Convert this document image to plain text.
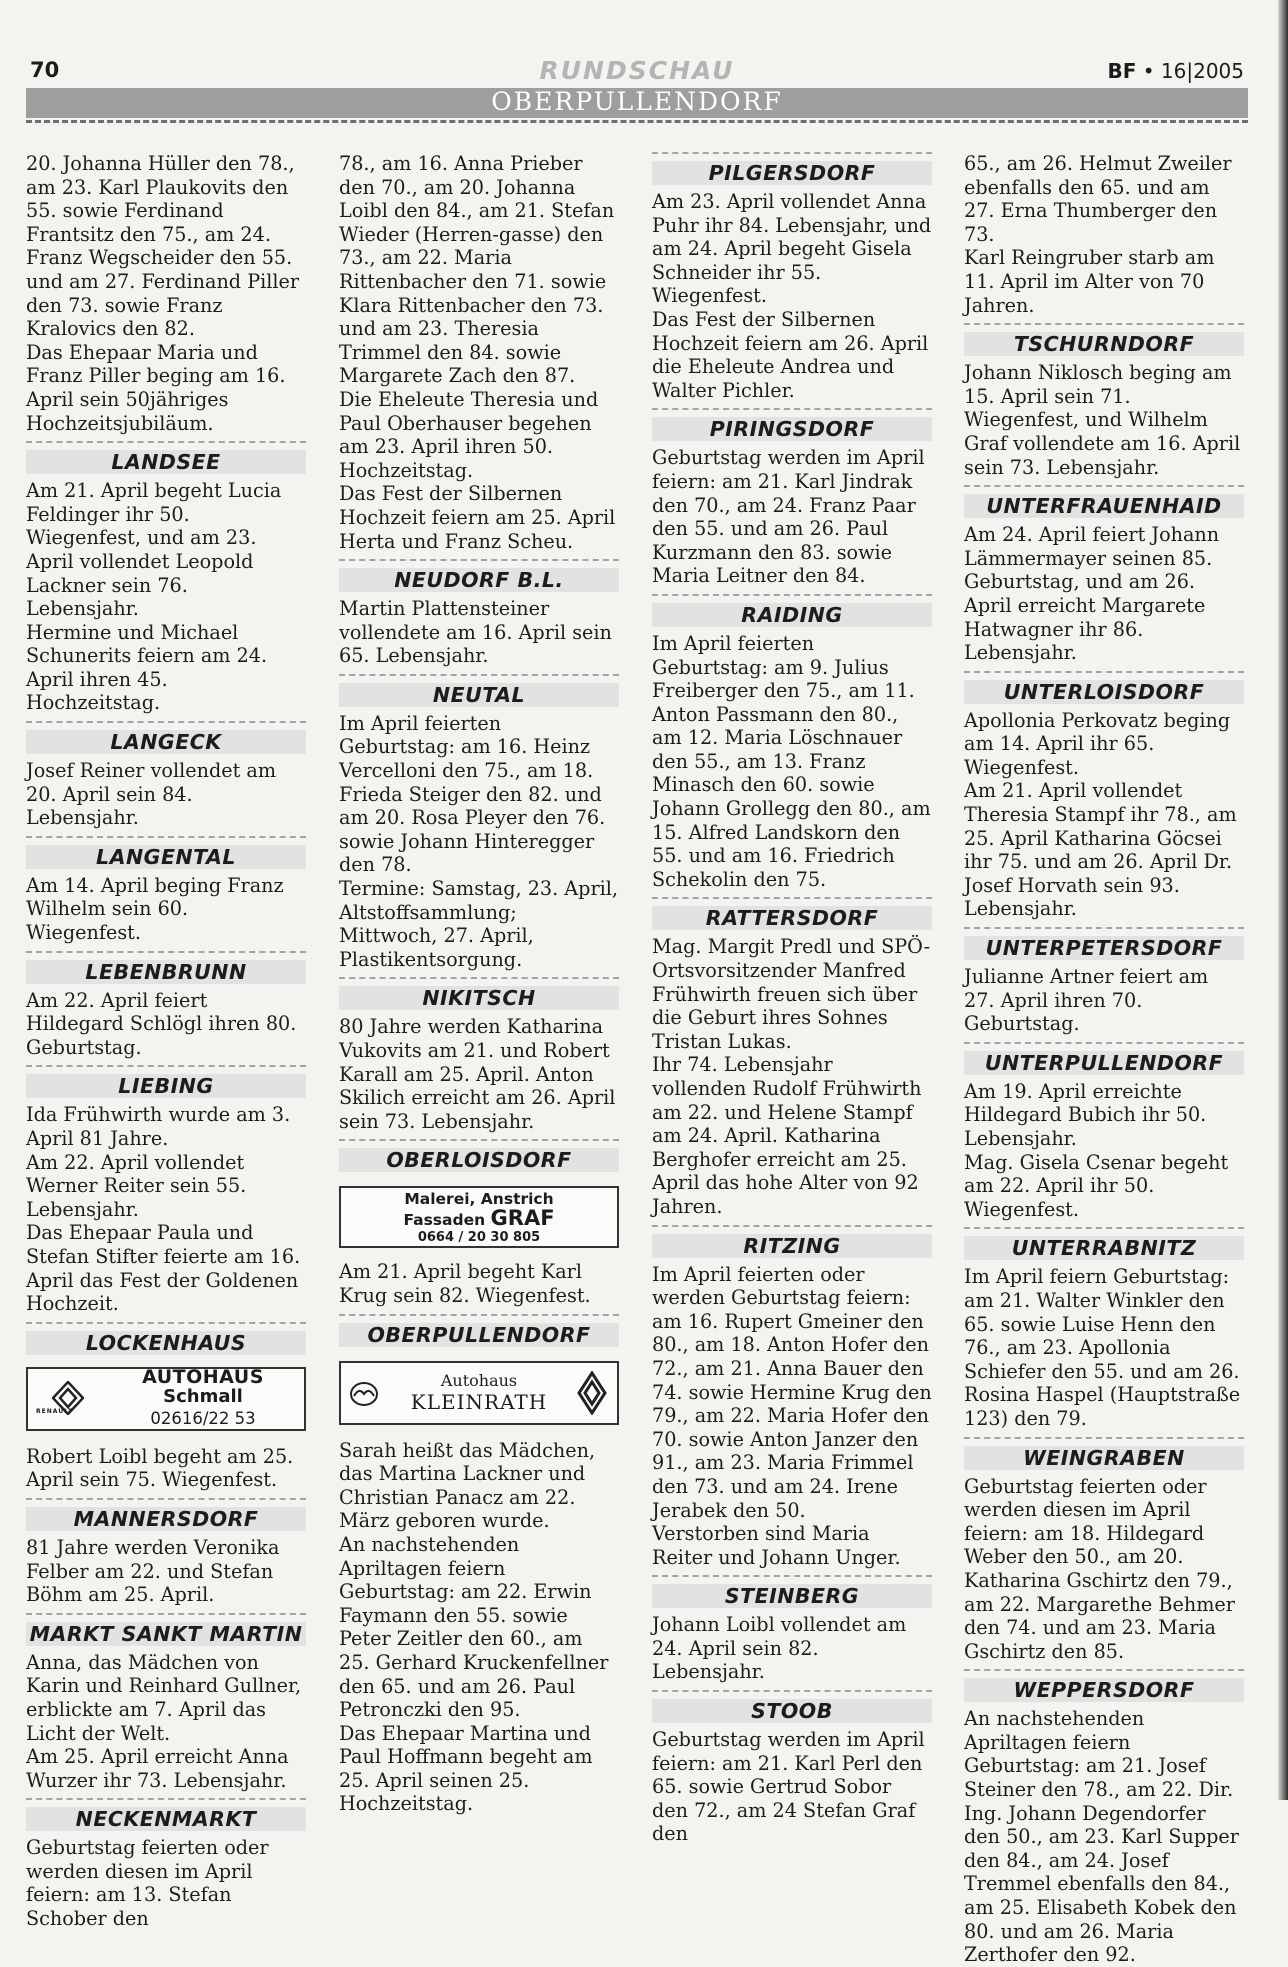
70	RUNDSCHAU	BF • 16|2005
OBERPULLENDORF

20. Johanna Hüller den 78., am 23. Karl Plaukovits den 55. sowie Ferdinand Frantsitz den 75., am 24. Franz Wegscheider den 55. und am 27. Ferdinand Piller den 73. sowie Franz Kralovics den 82.

Das Ehepaar Maria und Franz Piller beging am 16. April sein 50jähriges Hochzeitsjubiläum.

LANDSEE

Am 21. April begeht Lucia Feldinger ihr 50. Wiegenfest, und am 23. April vollendet Leopold Lackner sein 76. Lebensjahr.

Hermine und Michael Schunerits feiern am 24. April ihren 45. Hochzeitstag.

LANGECK

Josef Reiner vollendet am 20. April sein 84. Lebensjahr.

LANGENTAL

Am 14. April beging Franz Wilhelm sein 60. Wiegenfest.

LEBENBRUNN

Am 22. April feiert Hildegard Schlögl ihren 80. Geburtstag.

LIEBING

Ida Frühwirth wurde am 3. April 81 Jahre.

Am 22. April vollendet Werner Reiter sein 55. Lebensjahr.

Das Ehepaar Paula und Stefan Stifter feierte am 16. April das Fest der Goldenen Hochzeit.

LOCKENHAUS
RENAULT
AUTOHAUS
Schmall
02616/22 53

Robert Loibl begeht am 25. April sein 75. Wiegenfest.

MANNERSDORF

81 Jahre werden Veronika Felber am 22. und Stefan Böhm am 25. April.

MARKT SANKT MARTIN

Anna, das Mädchen von Karin und Reinhard Gullner, erblickte am 7. April das Licht der Welt.

Am 25. April erreicht Anna Wurzer ihr 73. Lebensjahr.

NECKENMARKT

Geburtstag feierten oder werden diesen im April feiern: am 13. Stefan Schober den

78., am 16. Anna Prieber den 70., am 20. Johanna Loibl den 84., am 21. Stefan Wieder (Herren-gasse) den 73., am 22. Maria Rittenbacher den 71. sowie Klara Rittenbacher den 73. und am 23. Theresia Trimmel den 84. sowie Margarete Zach den 87.

Die Eheleute Theresia und Paul Oberhauser begehen am 23. April ihren 50. Hochzeitstag.

Das Fest der Silbernen Hochzeit feiern am 25. April Herta und Franz Scheu.

NEUDORF B.L.

Martin Plattensteiner vollendete am 16. April sein 65. Lebensjahr.

NEUTAL

Im April feierten Geburtstag: am 16. Heinz Vercelloni den 75., am 18. Frieda Steiger den 82. und am 20. Rosa Pleyer den 76. sowie Johann Hinteregger den 78.

Termine: Samstag, 23. April, Altstoffsammlung; Mittwoch, 27. April, Plastikentsorgung.

NIKITSCH

80 Jahre werden Katharina Vukovits am 21. und Robert Karall am 25. April. Anton Skilich erreicht am 26. April sein 73. Lebensjahr.

OBERLOISDORF
Malerei, Anstrich
Fassaden GRAF
0664 / 20 30 805

Am 21. April begeht Karl Krug sein 82. Wiegenfest.

OBERPULLENDORF
Autohaus
KLEINRATH

Sarah heißt das Mädchen, das Martina Lackner und Christian Panacz am 22. März geboren wurde.

An nachstehenden Apriltagen feiern Geburtstag: am 22. Erwin Faymann den 55. sowie Peter Zeitler den 60., am 25. Gerhard Kruckenfellner den 65. und am 26. Paul Petronczki den 95.

Das Ehepaar Martina und Paul Hoffmann begeht am 25. April seinen 25. Hochzeitstag.

PILGERSDORF

Am 23. April vollendet Anna Puhr ihr 84. Lebensjahr, und am 24. April begeht Gisela Schneider ihr 55. Wiegenfest.

Das Fest der Silbernen Hochzeit feiern am 26. April die Eheleute Andrea und Walter Pichler.

PIRINGSDORF

Geburtstag werden im April feiern: am 21. Karl Jindrak den 70., am 24. Franz Paar den 55. und am 26. Paul Kurzmann den 83. sowie Maria Leitner den 84.

RAIDING

Im April feierten Geburtstag: am 9. Julius Freiberger den 75., am 11. Anton Passmann den 80., am 12. Maria Löschnauer den 55., am 13. Franz Minasch den 60. sowie Johann Grollegg den 80., am 15. Alfred Landskorn den 55. und am 16. Friedrich Schekolin den 75.

RATTERSDORF

Mag. Margit Predl und SPÖ-Ortsvorsitzender Manfred Frühwirth freuen sich über die Geburt ihres Sohnes Tristan Lukas.

Ihr 74. Lebensjahr vollenden Rudolf Frühwirth am 22. und Helene Stampf am 24. April. Katharina Berghofer erreicht am 25. April das hohe Alter von 92 Jahren.

RITZING

Im April feierten oder werden Geburtstag feiern: am 16. Rupert Gmeiner den 80., am 18. Anton Hofer den 72., am 21. Anna Bauer den 74. sowie Hermine Krug den 79., am 22. Maria Hofer den 70. sowie Anton Janzer den 91., am 23. Maria Frimmel den 73. und am 24. Irene Jerabek den 50.

Verstorben sind Maria Reiter und Johann Unger.

STEINBERG

Johann Loibl vollendet am 24. April sein 82. Lebensjahr.

STOOB

Geburtstag werden im April feiern: am 21. Karl Perl den 65. sowie Gertrud Sobor den 72., am 24 Stefan Graf den

65., am 26. Helmut Zweiler ebenfalls den 65. und am 27. Erna Thumberger den 73.

Karl Reingruber starb am 11. April im Alter von 70 Jahren.

TSCHURNDORF

Johann Niklosch beging am 15. April sein 71. Wiegenfest, und Wilhelm Graf vollendete am 16. April sein 73. Lebensjahr.

UNTERFRAUENHAID

Am 24. April feiert Johann Lämmermayer seinen 85. Geburtstag, und am 26. April erreicht Margarete Hatwagner ihr 86. Lebensjahr.

UNTERLOISDORF

Apollonia Perkovatz beging am 14. April ihr 65. Wiegenfest.

Am 21. April vollendet Theresia Stampf ihr 78., am 25. April Katharina Göcsei ihr 75. und am 26. April Dr. Josef Horvath sein 93. Lebensjahr.

UNTERPETERSDORF

Julianne Artner feiert am 27. April ihren 70. Geburtstag.

UNTERPULLENDORF

Am 19. April erreichte Hildegard Bubich ihr 50. Lebensjahr.

Mag. Gisela Csenar begeht am 22. April ihr 50. Wiegenfest.

UNTERRABNITZ

Im April feiern Geburtstag: am 21. Walter Winkler den 65. sowie Luise Henn den 76., am 23. Apollonia Schiefer den 55. und am 26. Rosina Haspel (Hauptstraße 123) den 79.

WEINGRABEN

Geburtstag feierten oder werden diesen im April feiern: am 18. Hildegard Weber den 50., am 20. Katharina Gschirtz den 79., am 22. Margarethe Behmer den 74. und am 23. Maria Gschirtz den 85.

WEPPERSDORF

An nachstehenden Apriltagen feiern Geburtstag: am 21. Josef Steiner den 78., am 22. Dir. Ing. Johann Degendorfer den 50., am 23. Karl Supper den 84., am 24. Josef Tremmel ebenfalls den 84., am 25. Elisabeth Kobek den 80. und am 26. Maria Zerthofer den 92.
